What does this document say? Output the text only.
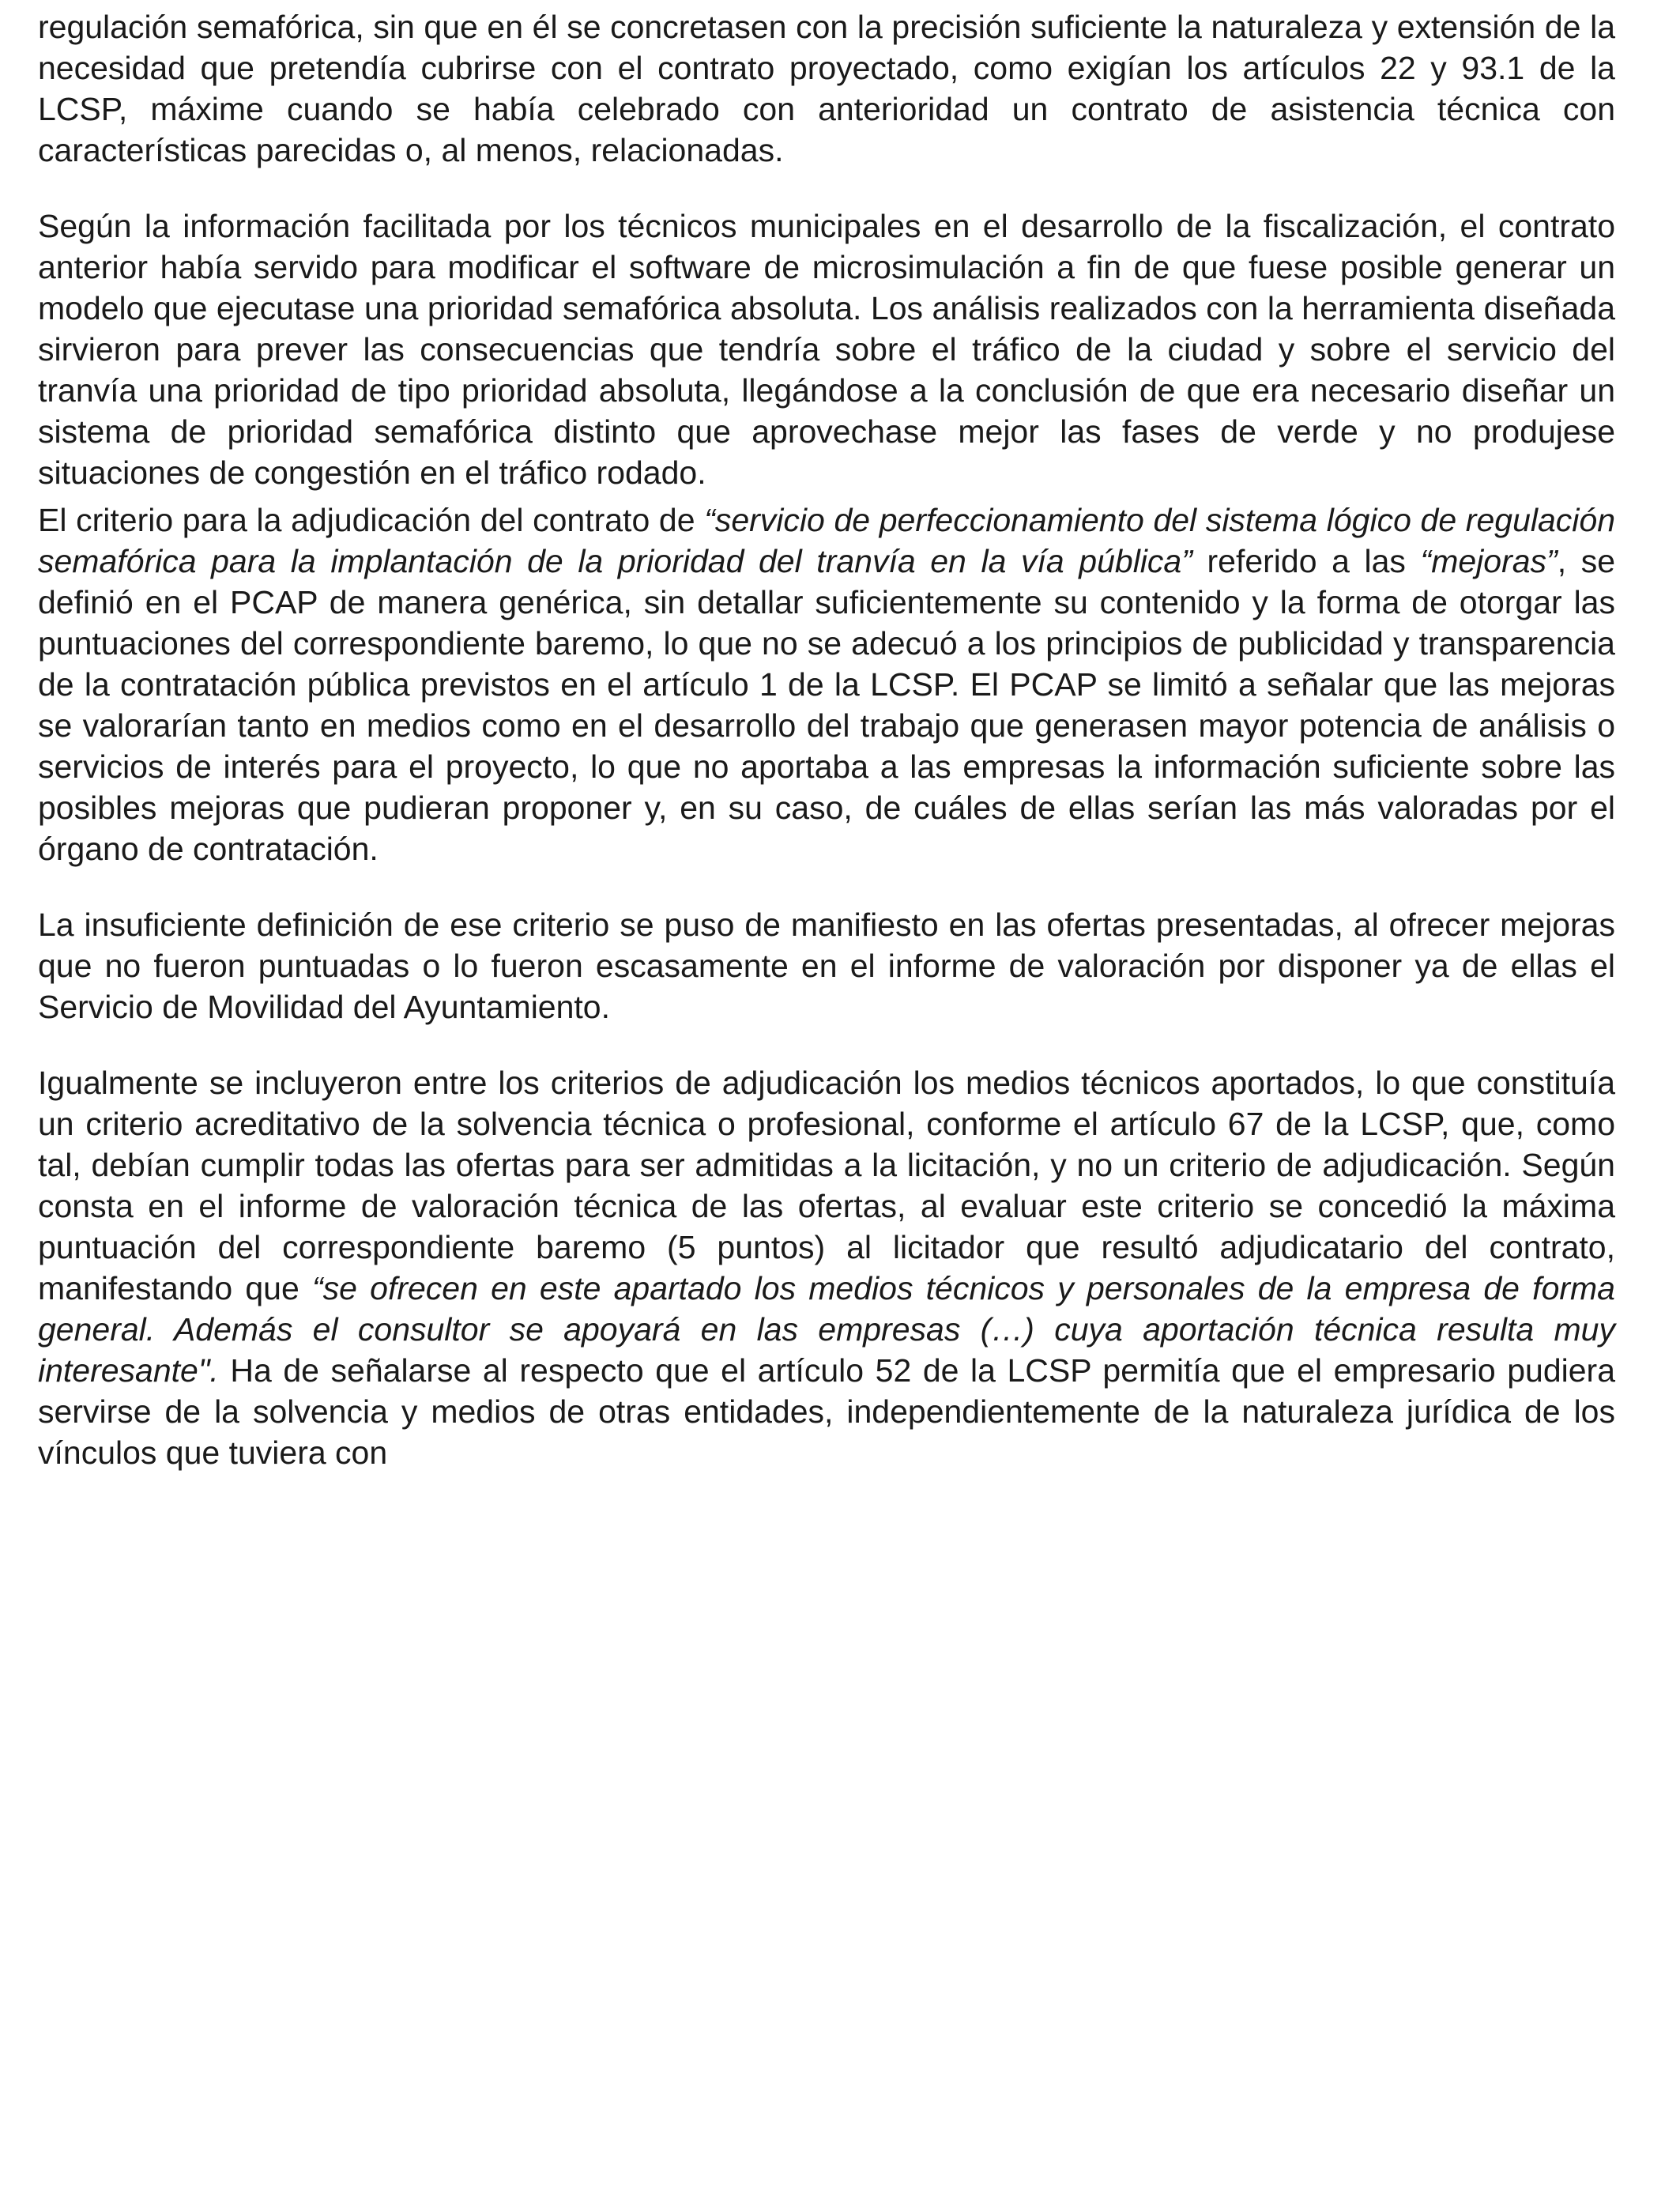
regulación semafórica, sin que en él se concretasen con la precisión suficiente la naturaleza y extensión de la necesidad que pretendía cubrirse con el contrato proyectado, como exigían los artículos 22 y 93.1 de la LCSP, máxime cuando se había celebrado con anterioridad un contrato de asistencia técnica con características parecidas o, al menos, relacionadas.

Según la información facilitada por los técnicos municipales en el desarrollo de la fiscalización, el contrato anterior había servido para modificar el software de microsimulación a fin de que fuese posible generar un modelo que ejecutase una prioridad semafórica absoluta. Los análisis realizados con la herramienta diseñada sirvieron para prever las consecuencias que tendría sobre el tráfico de la ciudad y sobre el servicio del tranvía una prioridad de tipo prioridad absoluta, llegándose a la conclusión de que era necesario diseñar un sistema de prioridad semafórica distinto que aprovechase mejor las fases de verde y no produjese situaciones de congestión en el tráfico rodado.

El criterio para la adjudicación del contrato de “servicio de perfeccionamiento del sistema lógico de regulación semafórica para la implantación de la prioridad del tranvía en la vía pública” referido a las “mejoras”, se definió en el PCAP de manera genérica, sin detallar suficientemente su contenido y la forma de otorgar las puntuaciones del correspondiente baremo, lo que no se adecuó a los principios de publicidad y transparencia de la contratación pública previstos en el artículo 1 de la LCSP. El PCAP se limitó a señalar que las mejoras se valorarían tanto en medios como en el desarrollo del trabajo que generasen mayor potencia de análisis o servicios de interés para el proyecto, lo que no aportaba a las empresas la información suficiente sobre las posibles mejoras que pudieran proponer y, en su caso, de cuáles de ellas serían las más valoradas por el órgano de contratación.

La insuficiente definición de ese criterio se puso de manifiesto en las ofertas presentadas, al ofrecer mejoras que no fueron puntuadas o lo fueron escasamente en el informe de valoración por disponer ya de ellas el Servicio de Movilidad del Ayuntamiento.

Igualmente se incluyeron entre los criterios de adjudicación los medios técnicos aportados, lo que constituía un criterio acreditativo de la solvencia técnica o profesional, conforme el artículo 67 de la LCSP, que, como tal, debían cumplir todas las ofertas para ser admitidas a la licitación, y no un criterio de adjudicación. Según consta en el informe de valoración técnica de las ofertas, al evaluar este criterio se concedió la máxima puntuación del correspondiente baremo (5 puntos) al licitador que resultó adjudicatario del contrato, manifestando que “se ofrecen en este apartado los medios técnicos y personales de la empresa de forma general. Además el consultor se apoyará en las empresas (…) cuya aportación técnica resulta muy interesante". Ha de señalarse al respecto que el artículo 52 de la LCSP permitía que el empresario pudiera servirse de la solvencia y medios de otras entidades, independientemente de la naturaleza jurídica de los vínculos que tuviera con
